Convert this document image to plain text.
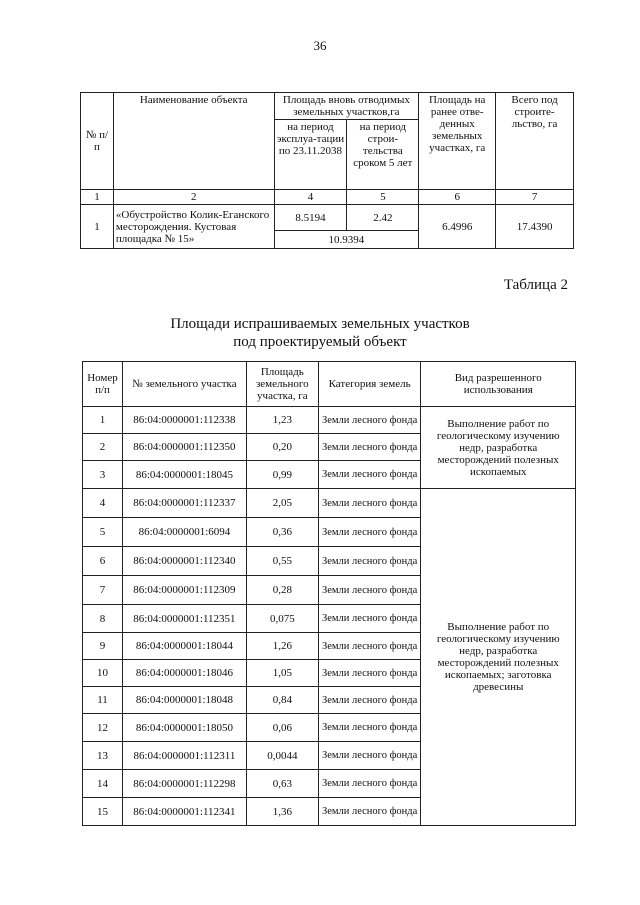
36
№ п/п	Наименование объекта	Площадь вновь отводимых земельных участков,га		Площадь на ранее отве-денных земельных участках, га	Всего под строите-льство, га
		на период эксплуа-тации по 23.11.2038	на период строи-тельства сроком 5 лет		
1	2	4	5	6	7
1	«Обустройство Колик-Еганского месторождения. Кустовая площадка № 15»	8.5194	2.42	6.4996	17.4390
		10.9394			
Таблица 2
Площади испрашиваемых земельных участков
под проектируемый объект
Номер п/п	№ земельного участка	Площадь земельного участка, га	Категория земель	Вид разрешенного использования
1	86:04:0000001:112338	1,23	Земли лесного фонда	Выполнение работ по геологическому изучению недр, разработка месторождений полезных ископаемых
2	86:04:0000001:112350	0,20	Земли лесного фонда	
3	86:04:0000001:18045	0,99	Земли лесного фонда	
4	86:04:0000001:112337	2,05	Земли лесного фонда	Выполнение работ по геологическому изучению недр, разработка месторождений полезных ископаемых; заготовка древесины
5	86:04:0000001:6094	0,36	Земли лесного фонда	
6	86:04:0000001:112340	0,55	Земли лесного фонда	
7	86:04:0000001:112309	0,28	Земли лесного фонда	
8	86:04:0000001:112351	0,075	Земли лесного фонда	
9	86:04:0000001:18044	1,26	Земли лесного фонда	
10	86:04:0000001:18046	1,05	Земли лесного фонда	
11	86:04:0000001:18048	0,84	Земли лесного фонда	
12	86:04:0000001:18050	0,06	Земли лесного фонда	
13	86:04:0000001:112311	0,0044	Земли лесного фонда	
14	86:04:0000001:112298	0,63	Земли лесного фонда	
15	86:04:0000001:112341	1,36	Земли лесного фонда	
